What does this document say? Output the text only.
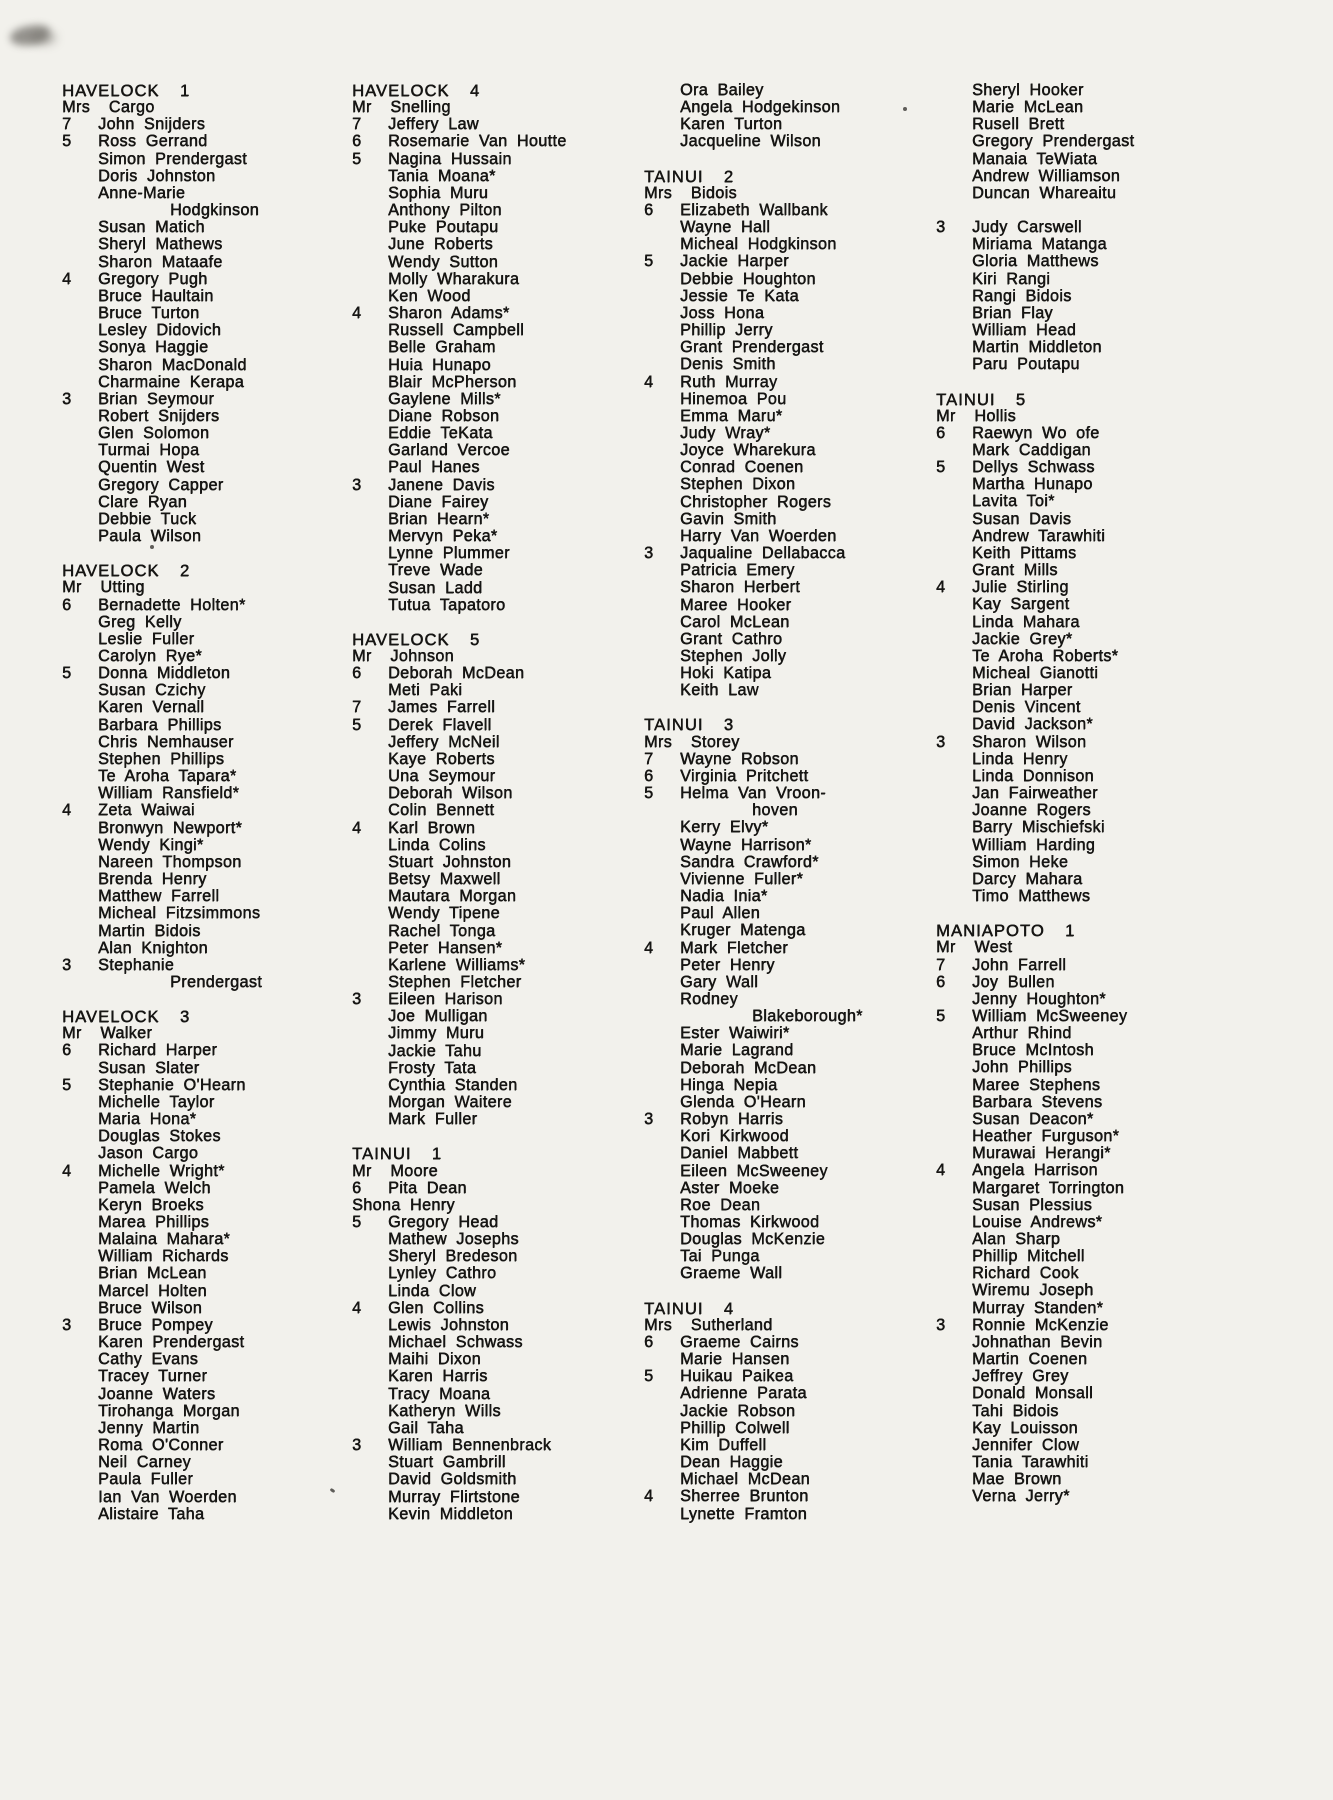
HAVELOCK  1
Mrs  Cargo
7	John Snijders
5	Ross Gerrand
Simon Prendergast
Doris Johnston
Anne-Marie
Hodgkinson
Susan Matich
Sheryl Mathews
Sharon Mataafe
4	Gregory Pugh
Bruce Haultain
Bruce Turton
Lesley Didovich
Sonya Haggie
Sharon MacDonald
Charmaine Kerapa
3	Brian Seymour
Robert Snijders
Glen Solomon
Turmai Hopa
Quentin West
Gregory Capper
Clare Ryan
Debbie Tuck
Paula Wilson
HAVELOCK  2
Mr  Utting
6	Bernadette Holten*
Greg Kelly
Leslie Fuller
Carolyn Rye*
5	Donna Middleton
Susan Czichy
Karen Vernall
Barbara Phillips
Chris Nemhauser
Stephen Phillips
Te Aroha Tapara*
William Ransfield*
4	Zeta Waiwai
Bronwyn Newport*
Wendy Kingi*
Nareen Thompson
Brenda Henry
Matthew Farrell
Micheal Fitzsimmons
Martin Bidois
Alan Knighton
3	Stephanie
Prendergast
HAVELOCK  3
Mr  Walker
6	Richard Harper
Susan Slater
5	Stephanie O'Hearn
Michelle Taylor
Maria Hona*
Douglas Stokes
Jason Cargo
4	Michelle Wright*
Pamela Welch
Keryn Broeks
Marea Phillips
Malaina Mahara*
William Richards
Brian McLean
Marcel Holten
Bruce Wilson
3	Bruce Pompey
Karen Prendergast
Cathy Evans
Tracey Turner
Joanne Waters
Tirohanga Morgan
Jenny Martin
Roma O'Conner
Neil Carney
Paula Fuller
Ian Van Woerden
Alistaire Taha
HAVELOCK  4
Mr  Snelling
7	Jeffery Law
6	Rosemarie Van Houtte
5	Nagina Hussain
Tania Moana*
Sophia Muru
Anthony Pilton
Puke Poutapu
June Roberts
Wendy Sutton
Molly Wharakura
Ken Wood
4	Sharon Adams*
Russell Campbell
Belle Graham
Huia Hunapo
Blair McPherson
Gaylene Mills*
Diane Robson
Eddie TeKata
Garland Vercoe
Paul Hanes
3	Janene Davis
Diane Fairey
Brian Hearn*
Mervyn Peka*
Lynne Plummer
Treve Wade
Susan Ladd
Tutua Tapatoro
HAVELOCK  5
Mr  Johnson
6	Deborah McDean
Meti Paki
7	James Farrell
5	Derek Flavell
Jeffery McNeil
Kaye Roberts
Una Seymour
Deborah Wilson
Colin Bennett
4	Karl Brown
Linda Colins
Stuart Johnston
Betsy Maxwell
Mautara Morgan
Wendy Tipene
Rachel Tonga
Peter Hansen*
Karlene Williams*
Stephen Fletcher
3	Eileen Harison
Joe Mulligan
Jimmy Muru
Jackie Tahu
Frosty Tata
Cynthia Standen
Morgan Waitere
Mark Fuller
TAINUI  1
Mr  Moore
6	Pita Dean
Shona Henry
5	Gregory Head
Mathew Josephs
Sheryl Bredeson
Lynley Cathro
Linda Clow
4	Glen Collins
Lewis Johnston
Michael Schwass
Maihi Dixon
Karen Harris
Tracy Moana
Katheryn Wills
Gail Taha
3	William Bennenbrack
Stuart Gambrill
David Goldsmith
Murray Flirtstone
Kevin Middleton
Ora Bailey
Angela Hodgekinson
Karen Turton
Jacqueline Wilson
TAINUI  2
Mrs  Bidois
6	Elizabeth Wallbank
Wayne Hall
Micheal Hodgkinson
5	Jackie Harper
Debbie Houghton
Jessie Te Kata
Joss Hona
Phillip Jerry
Grant Prendergast
Denis Smith
4	Ruth Murray
Hinemoa Pou
Emma Maru*
Judy Wray*
Joyce Wharekura
Conrad Coenen
Stephen Dixon
Christopher Rogers
Gavin Smith
Harry Van Woerden
3	Jaqualine Dellabacca
Patricia Emery
Sharon Herbert
Maree Hooker
Carol McLean
Grant Cathro
Stephen Jolly
Hoki Katipa
Keith Law
TAINUI  3
Mrs  Storey
7	Wayne Robson
6	Virginia Pritchett
5	Helma Van Vroon-
hoven
Kerry Elvy*
Wayne Harrison*
Sandra Crawford*
Vivienne Fuller*
Nadia Inia*
Paul Allen
Kruger Matenga
4	Mark Fletcher
Peter Henry
Gary Wall
Rodney
Blakeborough*
Ester Waiwiri*
Marie Lagrand
Deborah McDean
Hinga Nepia
Glenda O'Hearn
3	Robyn Harris
Kori Kirkwood
Daniel Mabbett
Eileen McSweeney
Aster Moeke
Roe Dean
Thomas Kirkwood
Douglas McKenzie
Tai Punga
Graeme Wall
TAINUI  4
Mrs  Sutherland
6	Graeme Cairns
Marie Hansen
5	Huikau Paikea
Adrienne Parata
Jackie Robson
Phillip Colwell
Kim Duffell
Dean Haggie
Michael McDean
4	Sherree Brunton
Lynette Framton
Sheryl Hooker
Marie McLean
Rusell Brett
Gregory Prendergast
Manaia TeWiata
Andrew Williamson
Duncan Whareaitu
3	Judy Carswell
Miriama Matanga
Gloria Matthews
Kiri Rangi
Rangi Bidois
Brian Flay
William Head
Martin Middleton
Paru Poutapu
TAINUI  5
Mr  Hollis
6	Raewyn Wo ofe
Mark Caddigan
5	Dellys Schwass
Martha Hunapo
Lavita Toi*
Susan Davis
Andrew Tarawhiti
Keith Pittams
Grant Mills
4	Julie Stirling
Kay Sargent
Linda Mahara
Jackie Grey*
Te Aroha Roberts*
Micheal Gianotti
Brian Harper
Denis Vincent
David Jackson*
3	Sharon Wilson
Linda Henry
Linda Donnison
Jan Fairweather
Joanne Rogers
Barry Mischiefski
William Harding
Simon Heke
Darcy Mahara
Timo Matthews
MANIAPOTO  1
Mr  West
7	John Farrell
6	Joy Bullen
Jenny Houghton*
5	William McSweeney
Arthur Rhind
Bruce McIntosh
John Phillips
Maree Stephens
Barbara Stevens
Susan Deacon*
Heather Furguson*
Murawai Herangi*
4	Angela Harrison
Margaret Torrington
Susan Plessius
Louise Andrews*
Alan Sharp
Phillip Mitchell
Richard Cook
Wiremu Joseph
Murray Standen*
3	Ronnie McKenzie
Johnathan Bevin
Martin Coenen
Jeffrey Grey
Donald Monsall
Tahi Bidois
Kay Louisson
Jennifer Clow
Tania Tarawhiti
Mae Brown
Verna Jerry*
